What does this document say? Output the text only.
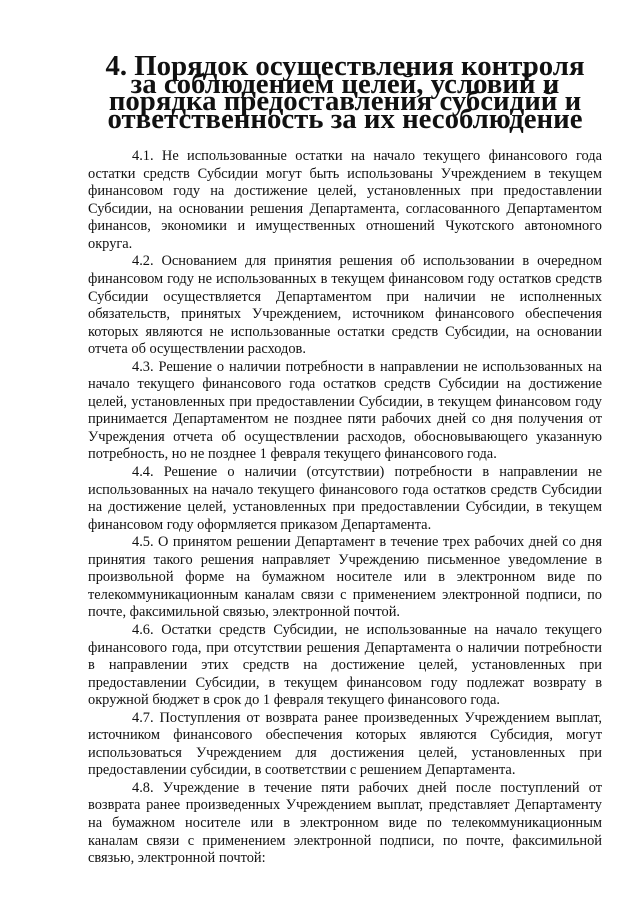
4. Порядок осуществления контроля за соблюдением целей, условий и порядка предоставления субсидий и ответственность за их несоблюдение

4.1. Не использованные остатки на начало текущего финансового года остатки средств Субсидии могут быть использованы Учреждением в текущем финансовом году на достижение целей, установленных при предоставлении Субсидии, на основании решения Департамента, согласованного Департаментом финансов, экономики и имущественных отношений Чукотского автономного округа.

4.2. Основанием для принятия решения об использовании в очередном финансовом году не использованных в текущем финансовом году остатков средств Субсидии осуществляется Департаментом при наличии не исполненных обязательств, принятых Учреждением, источником финансового обеспечения которых являются не использованные остатки средств Субсидии, на основании отчета об осуществлении расходов.

4.3. Решение о наличии потребности в направлении не использованных на начало текущего финансового года остатков средств Субсидии на достижение целей, установленных при предоставлении Субсидии, в текущем финансовом году принимается Департаментом не позднее пяти рабочих дней со дня получения от Учреждения отчета об осуществлении расходов, обосновывающего указанную потребность, но не позднее 1 февраля текущего финансового года.

4.4. Решение о наличии (отсутствии) потребности в направлении не использованных на начало текущего финансового года остатков средств Субсидии на достижение целей, установленных при предоставлении Субсидии, в текущем финансовом году оформляется приказом Департамента.

4.5. О принятом решении Департамент в течение трех рабочих дней со дня принятия такого решения направляет Учреждению письменное уведомление в произвольной форме на бумажном носителе или в электронном виде по телекоммуникационным каналам связи с применением электронной подписи, по почте, факсимильной связью, электронной почтой.

4.6. Остатки средств Субсидии, не использованные на начало текущего финансового года, при отсутствии решения Департамента о наличии потребности в направлении этих средств на достижение целей, установленных при предоставлении Субсидии, в текущем финансовом году подлежат возврату в окружной бюджет в срок до 1 февраля текущего финансового года.

4.7. Поступления от возврата ранее произведенных Учреждением выплат, источником финансового обеспечения которых являются Субсидия, могут использоваться Учреждением для достижения целей, установленных при предоставлении субсидии, в соответствии с решением Департамента.

4.8. Учреждение в течение пяти рабочих дней после поступлений от возврата ранее произведенных Учреждением выплат, представляет Департаменту на бумажном носителе или в электронном виде по телекоммуникационным каналам связи с применением электронной подписи, по почте, факсимильной связью, электронной почтой:
